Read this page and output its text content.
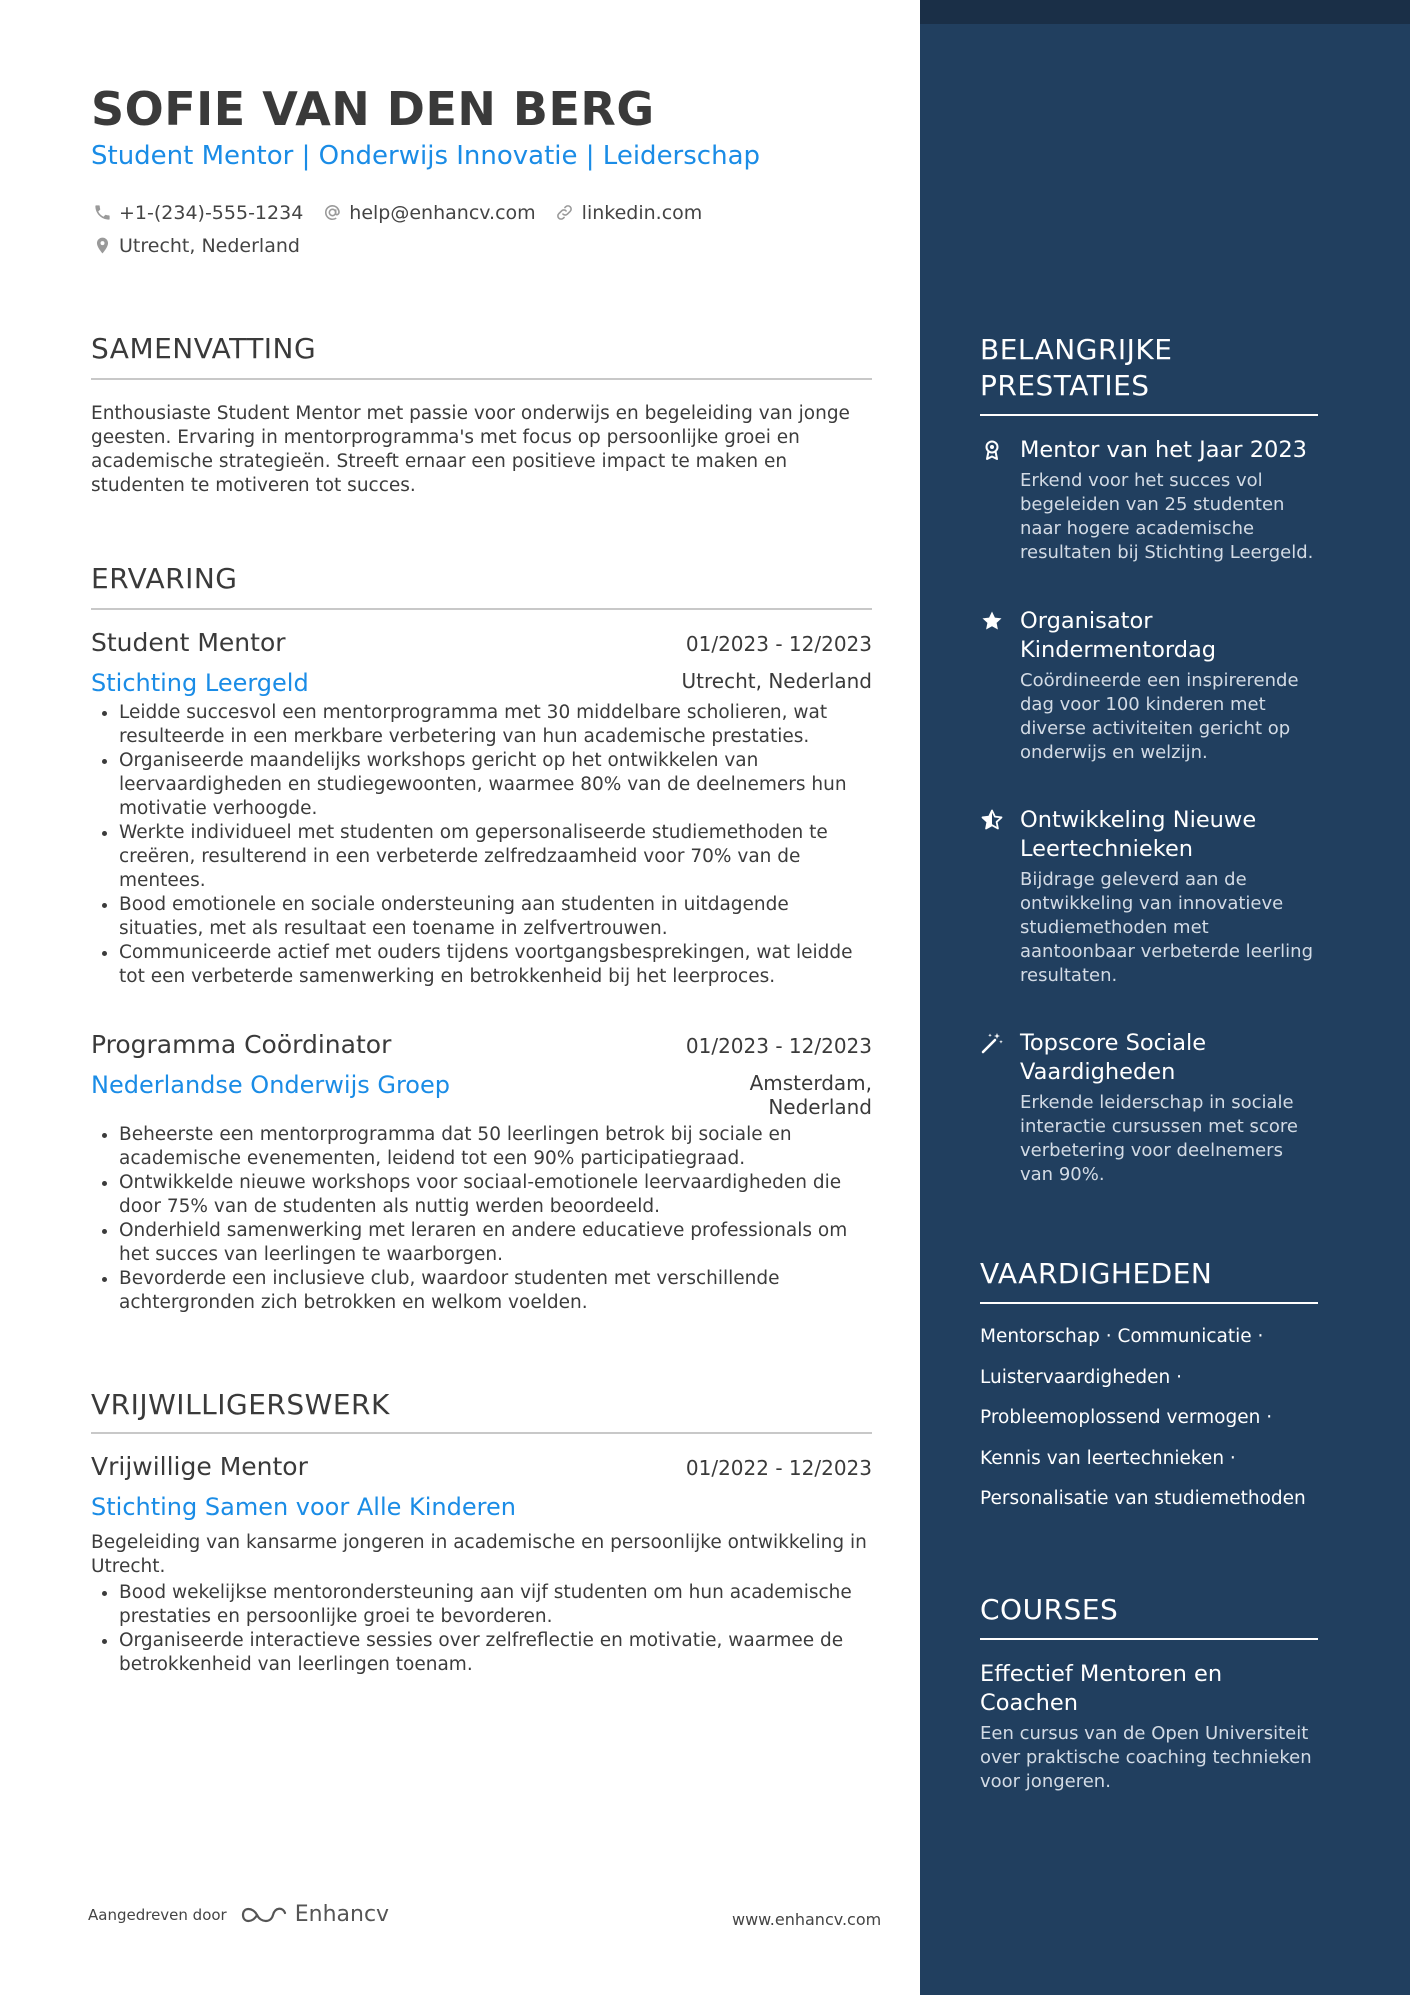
SOFIE VAN DEN BERG
Student Mentor | Onderwijs Innovatie | Leiderschap
+1-(234)-555-1234 help@enhancv.com linkedin.com
Utrecht, Nederland
SAMENVATTING
Enthousiaste Student Mentor met passie voor onderwijs en begeleiding van jonge geesten. Ervaring in mentorprogramma's met focus op persoonlijke groei en academische strategieën. Streeft ernaar een positieve impact te maken en studenten te motiveren tot succes.
ERVARING
Student Mentor	01/2023 - 12/2023
Stichting Leergeld	Utrecht, Nederland
• Leidde succesvol een mentorprogramma met 30 middelbare scholieren, wat resulteerde in een merkbare verbetering van hun academische prestaties.
• Organiseerde maandelijks workshops gericht op het ontwikkelen van leervaardigheden en studiegewoonten, waarmee 80% van de deelnemers hun motivatie verhoogde.
• Werkte individueel met studenten om gepersonaliseerde studiemethoden te creëren, resulterend in een verbeterde zelfredzaamheid voor 70% van de mentees.
• Bood emotionele en sociale ondersteuning aan studenten in uitdagende situaties, met als resultaat een toename in zelfvertrouwen.
• Communiceerde actief met ouders tijdens voortgangsbesprekingen, wat leidde tot een verbeterde samenwerking en betrokkenheid bij het leerproces.
Programma Coördinator	01/2023 - 12/2023
Nederlandse Onderwijs Groep	Amsterdam,
Nederland
• Beheerste een mentorprogramma dat 50 leerlingen betrok bij sociale en academische evenementen, leidend tot een 90% participatiegraad.
• Ontwikkelde nieuwe workshops voor sociaal-emotionele leervaardigheden die door 75% van de studenten als nuttig werden beoordeeld.
• Onderhield samenwerking met leraren en andere educatieve professionals om het succes van leerlingen te waarborgen.
• Bevorderde een inclusieve club, waardoor studenten met verschillende achtergronden zich betrokken en welkom voelden.
VRIJWILLIGERSWERK
Vrijwillige Mentor	01/2022 - 12/2023
Stichting Samen voor Alle Kinderen
Begeleiding van kansarme jongeren in academische en persoonlijke ontwikkeling in Utrecht.
• Bood wekelijkse mentorondersteuning aan vijf studenten om hun academische prestaties en persoonlijke groei te bevorderen.
• Organiseerde interactieve sessies over zelfreflectie en motivatie, waarmee de betrokkenheid van leerlingen toenam.
Aangedreven door	Enhancv	www.enhancv.com
BELANGRIJKE
PRESTATIES
Mentor van het Jaar 2023
Erkend voor het succes vol begeleiden van 25 studenten naar hogere academische resultaten bij Stichting Leergeld.
Organisator Kindermentordag
Coördineerde een inspirerende dag voor 100 kinderen met diverse activiteiten gericht op onderwijs en welzijn.
Ontwikkeling Nieuwe Leertechnieken
Bijdrage geleverd aan de ontwikkeling van innovatieve studiemethoden met aantoonbaar verbeterde leerling resultaten.
Topscore Sociale Vaardigheden
Erkende leiderschap in sociale interactie cursussen met score verbetering voor deelnemers van 90%.
VAARDIGHEDEN
Mentorschap · Communicatie ·
Luistervaardigheden ·
Probleemoplossend vermogen ·
Kennis van leertechnieken ·
Personalisatie van studiemethoden
COURSES
Effectief Mentoren en Coachen
Een cursus van de Open Universiteit over praktische coaching technieken voor jongeren.
